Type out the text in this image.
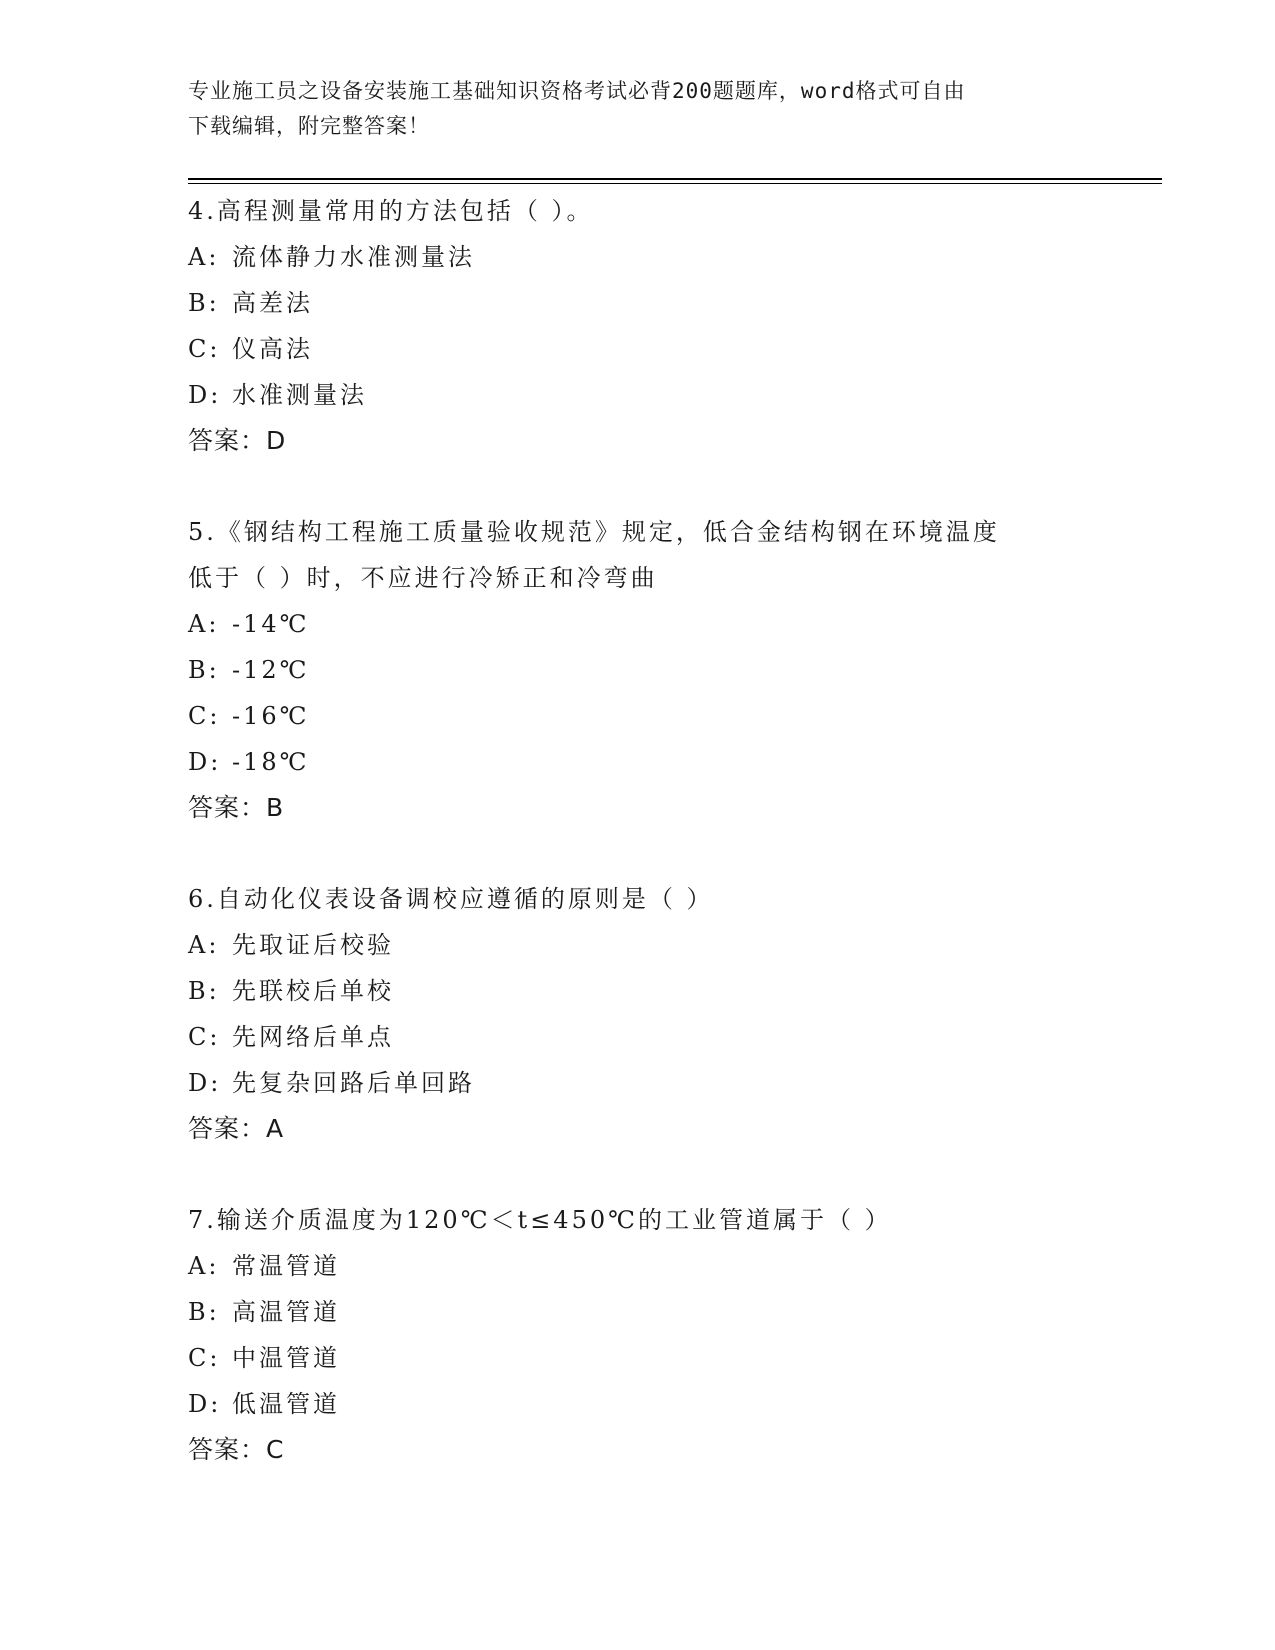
专业施工员之设备安装施工基础知识资格考试必背200题题库，word格式可自由
下载编辑，附完整答案！
4.高程测量常用的方法包括（ ）。
A: 流体静力水准测量法
B: 高差法
C: 仪高法
D: 水准测量法
答案：D
5.《钢结构工程施工质量验收规范》规定，低合金结构钢在环境温度
低于（ ）时，不应进行冷矫正和冷弯曲
A: -14℃
B: -12℃
C: -16℃
D: -18℃
答案：B
6.自动化仪表设备调校应遵循的原则是（ ）
A: 先取证后校验
B: 先联校后单校
C: 先网络后单点
D: 先复杂回路后单回路
答案：A
7.输送介质温度为120℃＜t≤450℃的工业管道属于（ ）
A: 常温管道
B: 高温管道
C: 中温管道
D: 低温管道
答案：C
